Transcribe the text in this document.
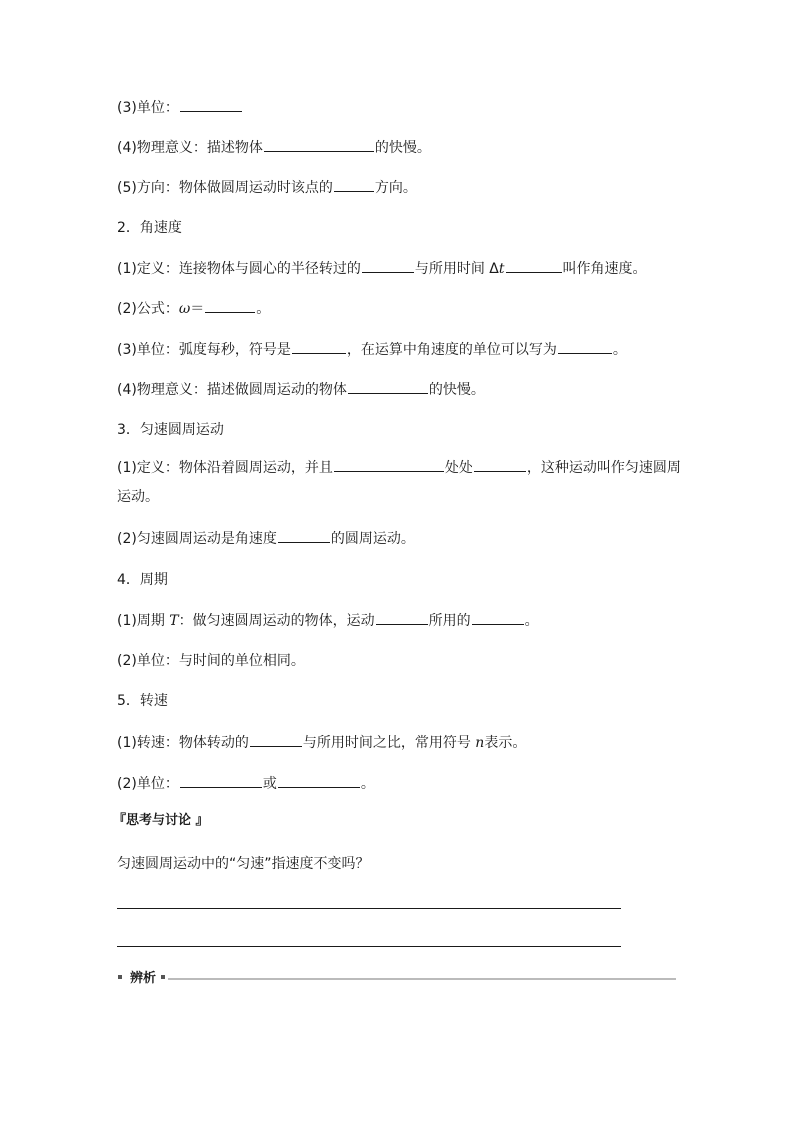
(3)单位：
(4)物理意义：描述物体	的快慢。
(5)方向：物体做圆周运动时该点的	方向。
2．角速度
(1)定义：连接物体与圆心的半径转过的	与所用时间 Δt	叫作角速度。
(2)公式：ω＝	。
(3)单位：弧度每秒，符号是	，在运算中角速度的单位可以写为	。
(4)物理意义：描述做圆周运动的物体	的快慢。
3．匀速圆周运动
(1)定义：物体沿着圆周运动，并且	处处	，这种运动叫作匀速圆周运动。
(2)匀速圆周运动是角速度	的圆周运动。
4．周期
(1)周期 T：做匀速圆周运动的物体，运动	所用的	。
(2)单位：与时间的单位相同。
5．转速
(1)转速：物体转动的	与所用时间之比，常用符号 n表示。
(2)单位：	或	。
『思考与讨论 』
匀速圆周运动中的“匀速”指速度不变吗？
辨析
